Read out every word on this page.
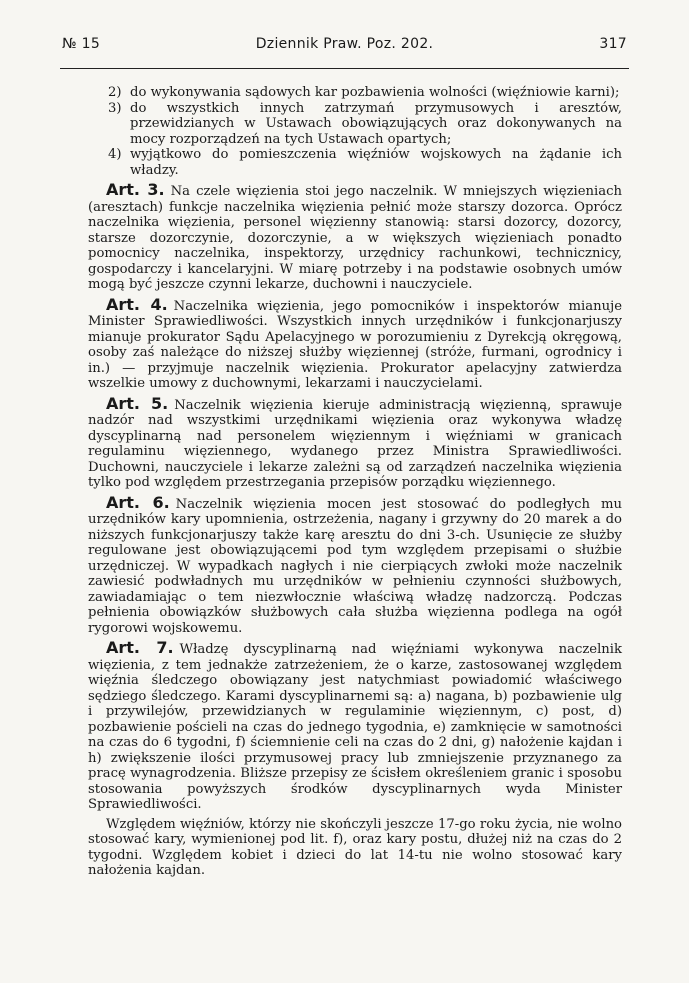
Dziennik Praw. Poz. 202.
№ 15	317

2) do wykonywania sądowych kar pozbawienia wolności (więźniowie karni);

3) do wszystkich innych zatrzymań przymusowych i aresztów, przewidzianych w Ustawach obowiązujących oraz dokonywanych na mocy rozporządzeń na tych Ustawach opartych;

4) wyjątkowo do pomieszczenia więźniów wojskowych na żądanie ich władzy.

Art. 3. Na czele więzienia stoi jego naczelnik. W mniejszych więzieniach (aresztach) funkcje naczelnika więzienia pełnić może starszy dozorca. Oprócz naczelnika więzienia, personel więzienny stanowią: starsi dozorcy, dozorcy, starsze dozorczynie, dozorczynie, a w większych więzieniach ponadto pomocnicy naczelnika, inspektorzy, urzędnicy rachunkowi, technicznicy, gospodarczy i kancelaryjni. W miarę potrzeby i na podstawie osobnych umów mogą być jeszcze czynni lekarze, duchowni i nauczyciele.

Art. 4. Naczelnika więzienia, jego pomocników i inspektorów mianuje Minister Sprawiedliwości. Wszystkich innych urzędników i funkcjonarjuszy mianuje prokurator Sądu Apelacyjnego w porozumieniu z Dyrekcją okręgową, osoby zaś należące do niższej służby więziennej (stróże, furmani, ogrodnicy i in.) — przyjmuje naczelnik więzienia. Prokurator apelacyjny zatwierdza wszelkie umowy z duchownymi, lekarzami i nauczycielami.

Art. 5. Naczelnik więzienia kieruje administracją więzienną, sprawuje nadzór nad wszystkimi urzędnikami więzienia oraz wykonywa władzę dyscyplinarną nad personelem więziennym i więźniami w granicach regulaminu więziennego, wydanego przez Ministra Sprawiedliwości. Duchowni, nauczyciele i lekarze zależni są od zarządzeń naczelnika więzienia tylko pod względem przestrzegania przepisów porządku więziennego.

Art. 6. Naczelnik więzienia mocen jest stosować do podległych mu urzędników kary upomnienia, ostrzeżenia, nagany i grzywny do 20 marek a do niższych funkcjonarjuszy także karę aresztu do dni 3-ch. Usunięcie ze służby regulowane jest obowiązującemi pod tym względem przepisami o służbie urzędniczej. W wypadkach nagłych i nie cierpiących zwłoki może naczelnik zawiesić podwładnych mu urzędników w pełnieniu czynności służbowych, zawiadamiając o tem niezwłocznie właściwą władzę nadzorczą. Podczas pełnienia obowiązków służbowych cała służba więzienna podlega na ogół rygorowi wojskowemu.

Art. 7. Władzę dyscyplinarną nad więźniami wykonywa naczelnik więzienia, z tem jednakże zatrzeżeniem, że o karze, zastosowanej względem więźnia śledczego obowiązany jest natychmiast powiadomić właściwego sędziego śledczego. Karami dyscyplinarnemi są: a) nagana, b) pozbawienie ulg i przywilejów, przewidzianych w regulaminie więziennym, c) post, d) pozbawienie pościeli na czas do jednego tygodnia, e) zamknięcie w samotności na czas do 6 tygodni, f) ściemnienie celi na czas do 2 dni, g) nałożenie kajdan i h) zwiększenie ilości przymusowej pracy lub zmniejszenie przyznanego za pracę wynagrodzenia. Bliższe przepisy ze ścisłem określeniem granic i sposobu stosowania powyższych środków dyscyplinarnych wyda Minister Sprawiedliwości.

Względem więźniów, którzy nie skończyli jeszcze 17-go roku życia, nie wolno stosować kary, wymienionej pod lit. f), oraz kary postu, dłużej niż na czas do 2 tygodni. Względem kobiet i dzieci do lat 14-tu nie wolno stosować kary nałożenia kajdan.
